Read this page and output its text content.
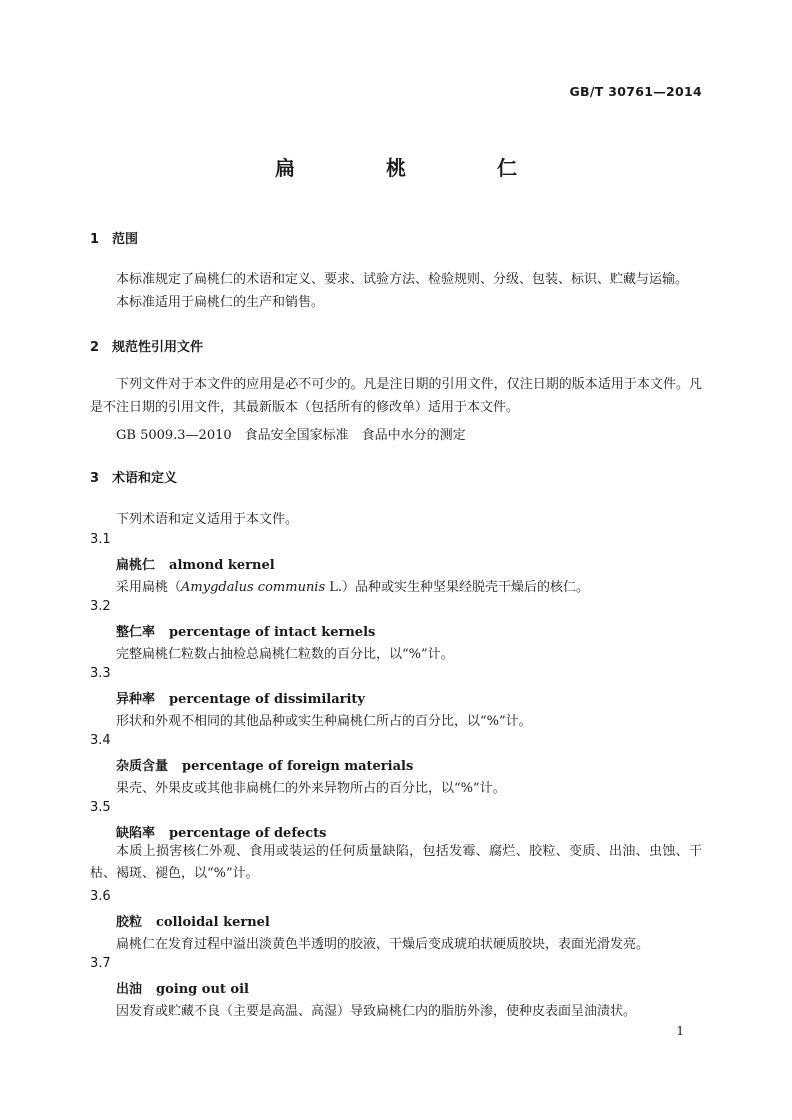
GB/T 30761—2014
扁 桃 仁
1 范围
本标准规定了扁桃仁的术语和定义、要求、试验方法、检验规则、分级、包装、标识、贮藏与运输。
本标准适用于扁桃仁的生产和销售。
2 规范性引用文件
下列文件对于本文件的应用是必不可少的。凡是注日期的引用文件，仅注日期的版本适用于本文件。凡是不注日期的引用文件，其最新版本（包括所有的修改单）适用于本文件。
GB 5009.3—2010　食品安全国家标准　食品中水分的测定
3 术语和定义
下列术语和定义适用于本文件。
3.1
扁桃仁 almond kernel
采用扁桃（Amygdalus communis L.）品种或实生种坚果经脱壳干燥后的核仁。
3.2
整仁率 percentage of intact kernels
完整扁桃仁粒数占抽检总扁桃仁粒数的百分比，以“%”计。
3.3
异种率 percentage of dissimilarity
形状和外观不相同的其他品种或实生种扁桃仁所占的百分比，以“%”计。
3.4
杂质含量 percentage of foreign materials
果壳、外果皮或其他非扁桃仁的外来异物所占的百分比，以“%”计。
3.5
缺陷率 percentage of defects
本质上损害核仁外观、食用或装运的任何质量缺陷，包括发霉、腐烂、胶粒、变质、出油、虫蚀、干枯、褐斑、褪色，以“%”计。
3.6
胶粒 colloidal kernel
扁桃仁在发育过程中溢出淡黄色半透明的胶液，干燥后变成琥珀状硬质胶块，表面光滑发亮。
3.7
出油 going out oil
因发育或贮藏不良（主要是高温、高湿）导致扁桃仁内的脂肪外渗，使种皮表面呈油渍状。
1
